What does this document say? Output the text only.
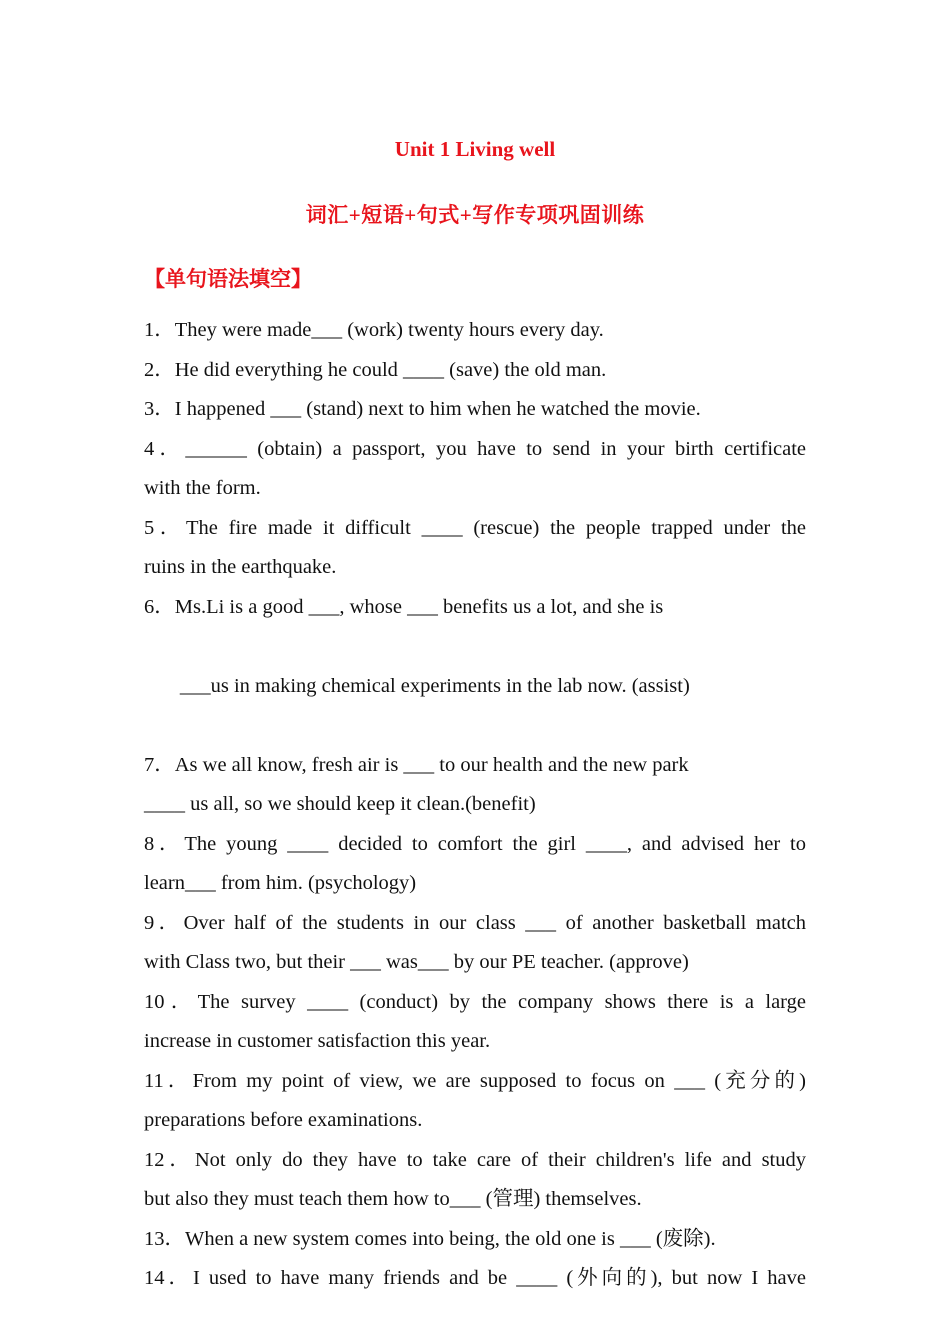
Unit 1 Living well
词汇+短语+句式+写作专项巩固训练
【单句语法填空】

1．They were made___ (work) twenty hours every day.

2．He did everything he could ____ (save) the old man.

3．I happened ___ (stand) next to him when he watched the movie.

4．______ (obtain) a passport, you have to send in your birth certificate

with the form.

5．The fire made it difficult ____ (rescue) the people trapped under the

ruins in the earthquake.

6．Ms.Li is a good ___, whose ___ benefits us a lot, and she is

___us in making chemical experiments in the lab now. (assist)

7．As we all know, fresh air is ___ to our health and the new park

____ us all, so we should keep it clean.(benefit)

8．The young ____ decided to comfort the girl ____, and advised her to

learn___ from him. (psychology)

9．Over half of the students in our class ___ of another basketball match

with Class two, but their ___ was___ by our PE teacher. (approve)

10．The survey ____ (conduct) by the company shows there is a large

increase in customer satisfaction this year.

11．From my point of view, we are supposed to focus on ___ (充分的)

preparations before examinations.

12．Not only do they have to take care of their children's life and study

but also they must teach them how to___ (管理) themselves.

13．When a new system comes into being, the old one is ___ (废除).

14．I used to have many friends and be ____ (外向的), but now I have
